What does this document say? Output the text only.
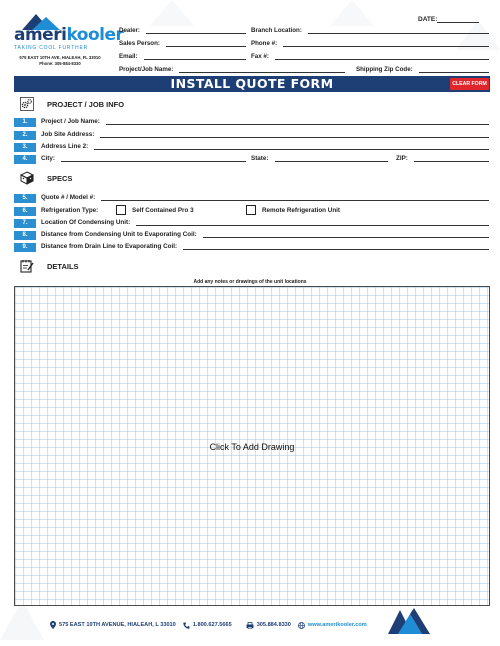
amerikooler
TAKING COOL FURTHER
575 EAST 10TH AVE, HIALEAH, FL 33010
Phone: 305-884-8330
DATE:
Dealer:
Sales Person:
Email:
Project/Job Name:
Branch Location:
Phone #:
Fax #:
Shipping Zip Code:
INSTALL QUOTE FORM	CLEAR FORM
PROJECT / JOB INFO
1.	Project / Job Name:
2.	Job Site Address:
3.	Address Line 2:
4.	City:	State:	ZIP:
SPECS
5.	Quote # / Model #:
6.	Refrigeration Type:	Self Contained Pro 3	Remote Refrigeration Unit
7.	Location Of Condensing Unit:
8.	Distance from Condensing Unit to Evaporating Coil:
9.	Distance from Drain Line to Evaporating Coil:
DETAILS
Add any notes or drawings of the unit locations
Click To Add Drawing
575 EAST 10TH AVENUE, HIALEAH, L 33010	1.800.627.5665	305.884.8330	www.amerikooler.com
